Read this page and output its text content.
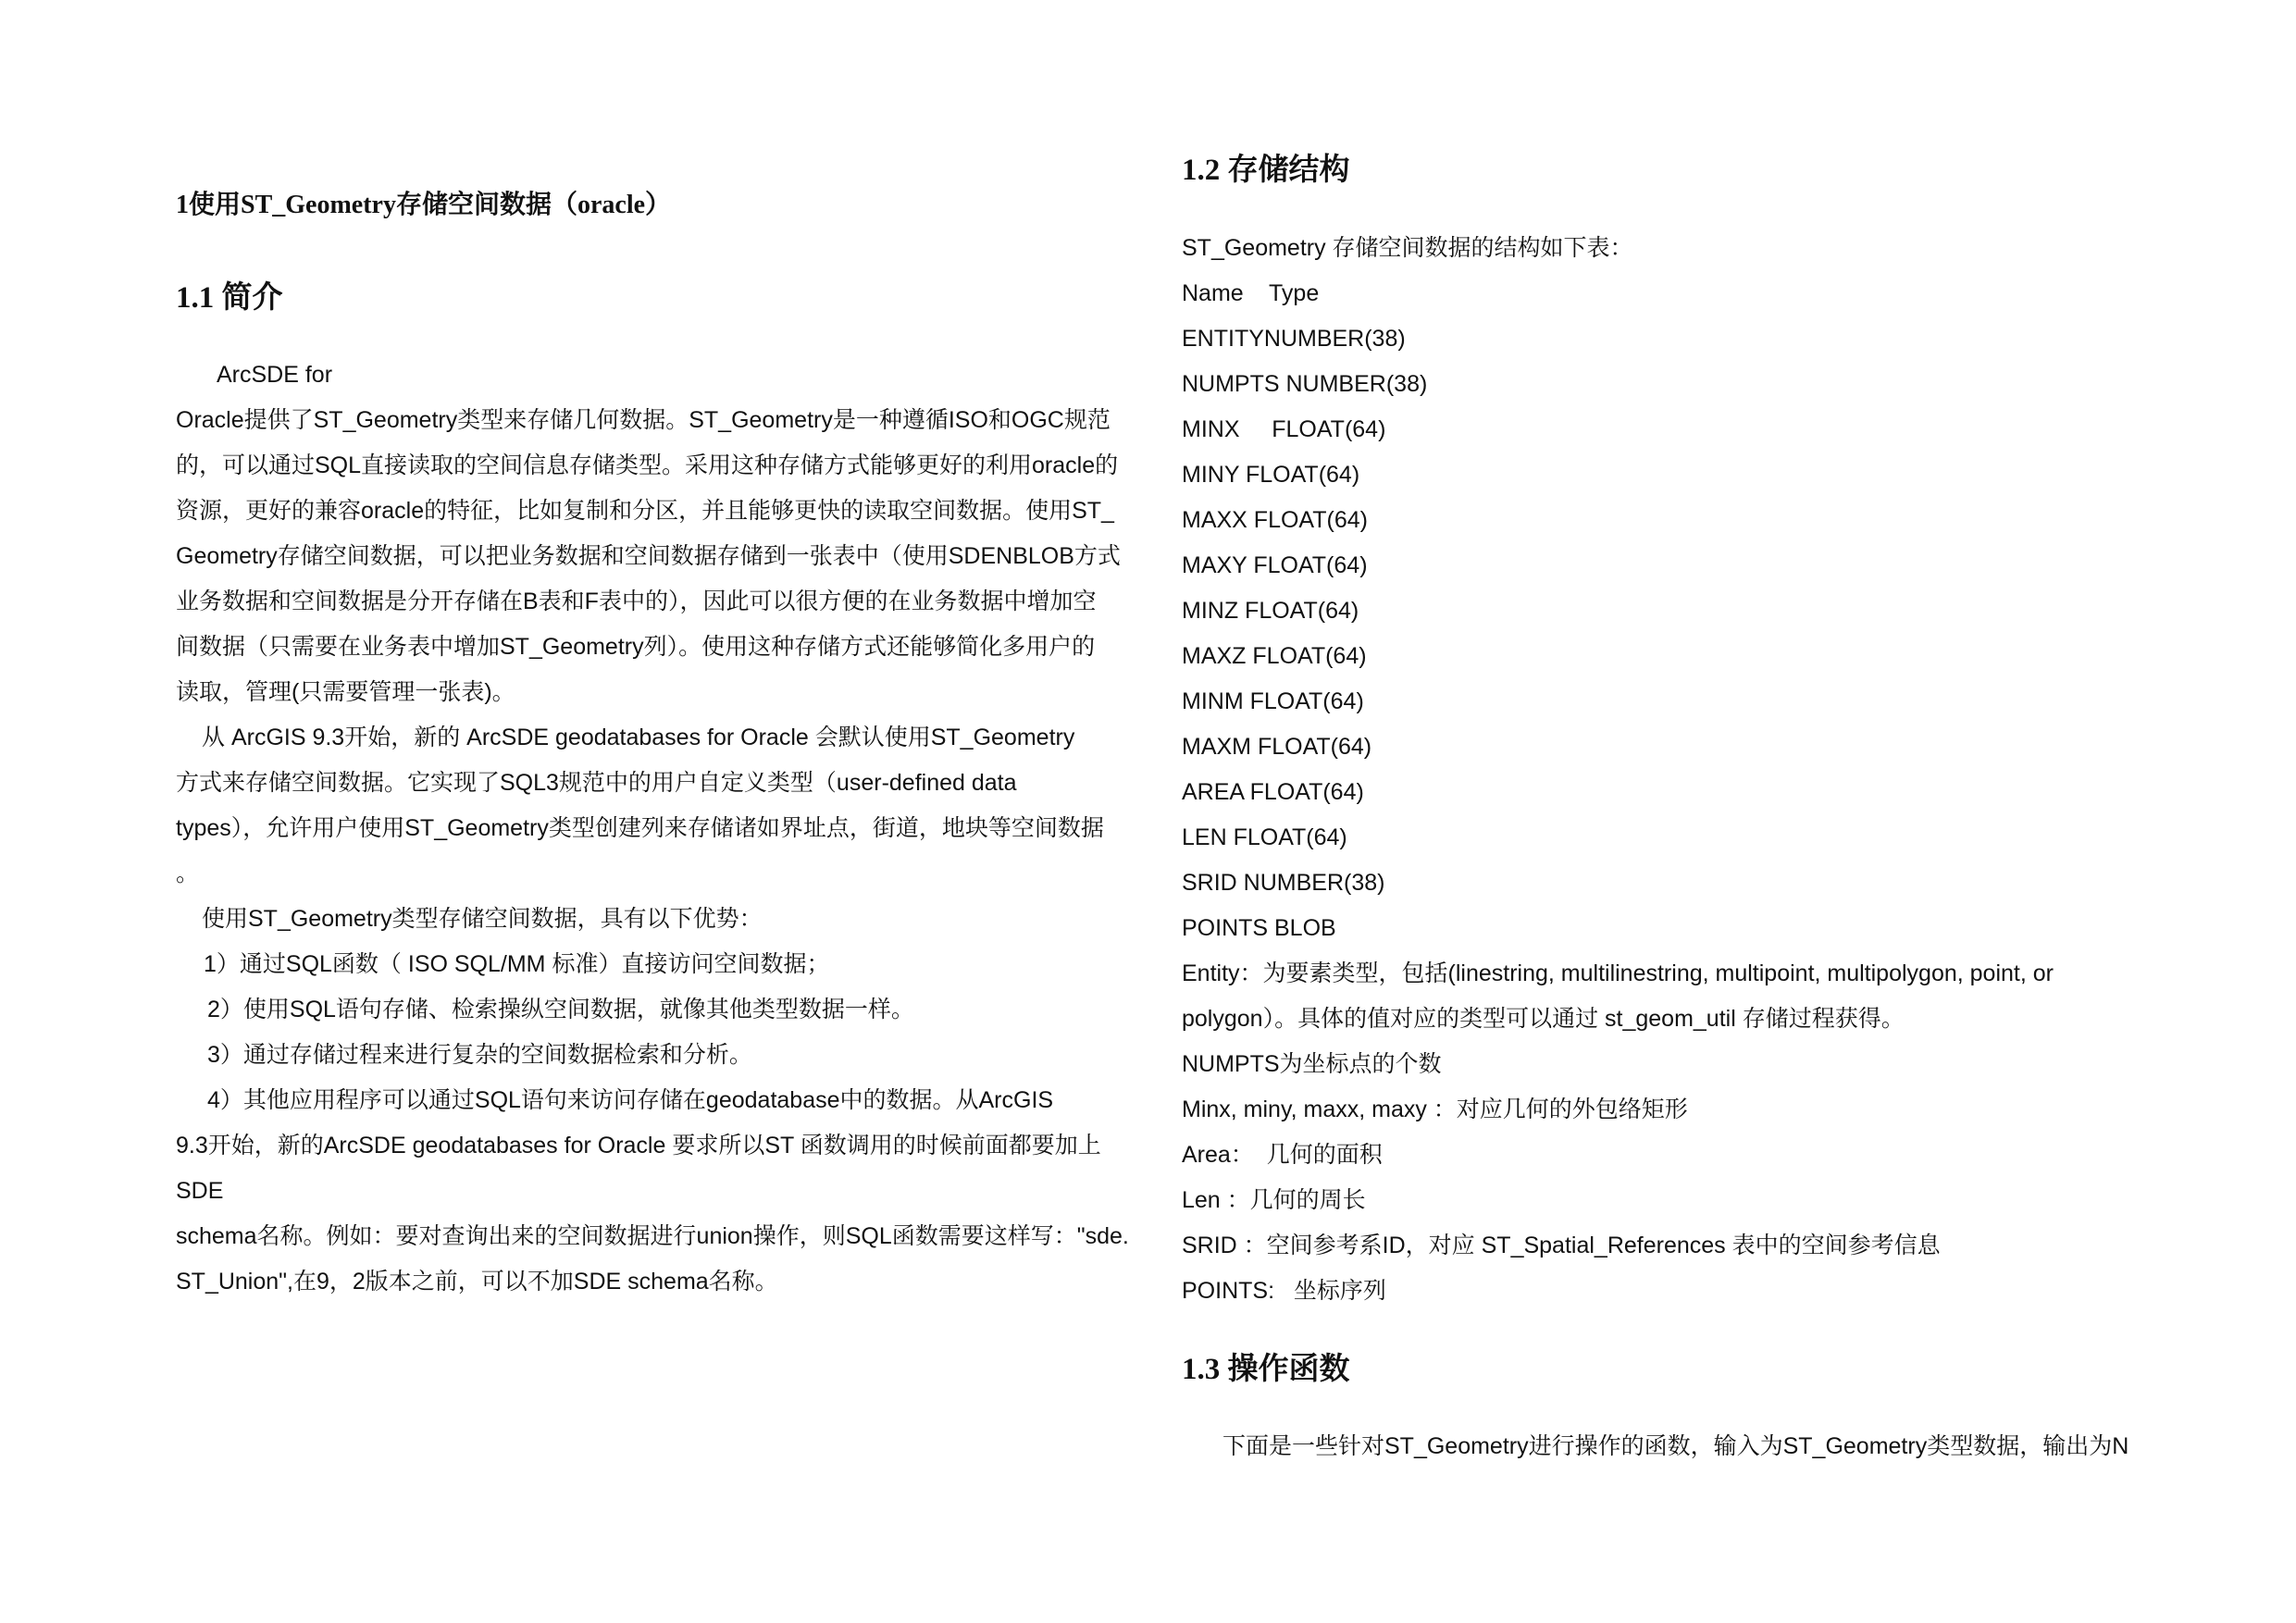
1使用ST_Geometry存储空间数据（oracle）
1.1 简介
ArcSDE for
Oracle提供了ST_Geometry类型来存储几何数据。ST_Geometry是一种遵循ISO和OGC规范
的，可以通过SQL直接读取的空间信息存储类型。采用这种存储方式能够更好的利用oracle的
资源，更好的兼容oracle的特征，比如复制和分区，并且能够更快的读取空间数据。使用ST_
Geometry存储空间数据，可以把业务数据和空间数据存储到一张表中（使用SDENBLOB方式
业务数据和空间数据是分开存储在B表和F表中的），因此可以很方便的在业务数据中增加空
间数据（只需要在业务表中增加ST_Geometry列）。使用这种存储方式还能够简化多用户的
读取，管理(只需要管理一张表)。
从 ArcGIS 9.3开始，新的 ArcSDE geodatabases for Oracle 会默认使用ST_Geometry
方式来存储空间数据。它实现了SQL3规范中的用户自定义类型（user-defined data
types），允许用户使用ST_Geometry类型创建列来存储诸如界址点，街道，地块等空间数据
。
使用ST_Geometry类型存储空间数据，具有以下优势：
1）通过SQL函数（ ISO SQL/MM 标准）直接访问空间数据；
2）使用SQL语句存储、检索操纵空间数据，就像其他类型数据一样。
3）通过存储过程来进行复杂的空间数据检索和分析。
4）其他应用程序可以通过SQL语句来访问存储在geodatabase中的数据。从ArcGIS
9.3开始，新的ArcSDE geodatabases for Oracle 要求所以ST 函数调用的时候前面都要加上
SDE
schema名称。例如：要对查询出来的空间数据进行union操作，则SQL函数需要这样写："sde.
ST_Union",在9，2版本之前，可以不加SDE schema名称。
1.2 存储结构
ST_Geometry 存储空间数据的结构如下表：
Name    Type
ENTITYNUMBER(38)
NUMPTS NUMBER(38)
MINX     FLOAT(64)
MINY FLOAT(64)
MAXX FLOAT(64)
MAXY FLOAT(64)
MINZ FLOAT(64)
MAXZ FLOAT(64)
MINM FLOAT(64)
MAXM FLOAT(64)
AREA FLOAT(64)
LEN FLOAT(64)
SRID NUMBER(38)
POINTS BLOB
Entity：为要素类型，包括(linestring, multilinestring, multipoint, multipolygon, point, or
polygon）。具体的值对应的类型可以通过 st_geom_util 存储过程获得。
NUMPTS为坐标点的个数
Minx, miny, maxx, maxy ：对应几何的外包络矩形
Area：  几何的面积
Len ：几何的周长
SRID ：空间参考系ID，对应 ST_Spatial_References 表中的空间参考信息
POINTS:   坐标序列
1.3 操作函数
下面是一些针对ST_Geometry进行操作的函数，输入为ST_Geometry类型数据，输出为N
